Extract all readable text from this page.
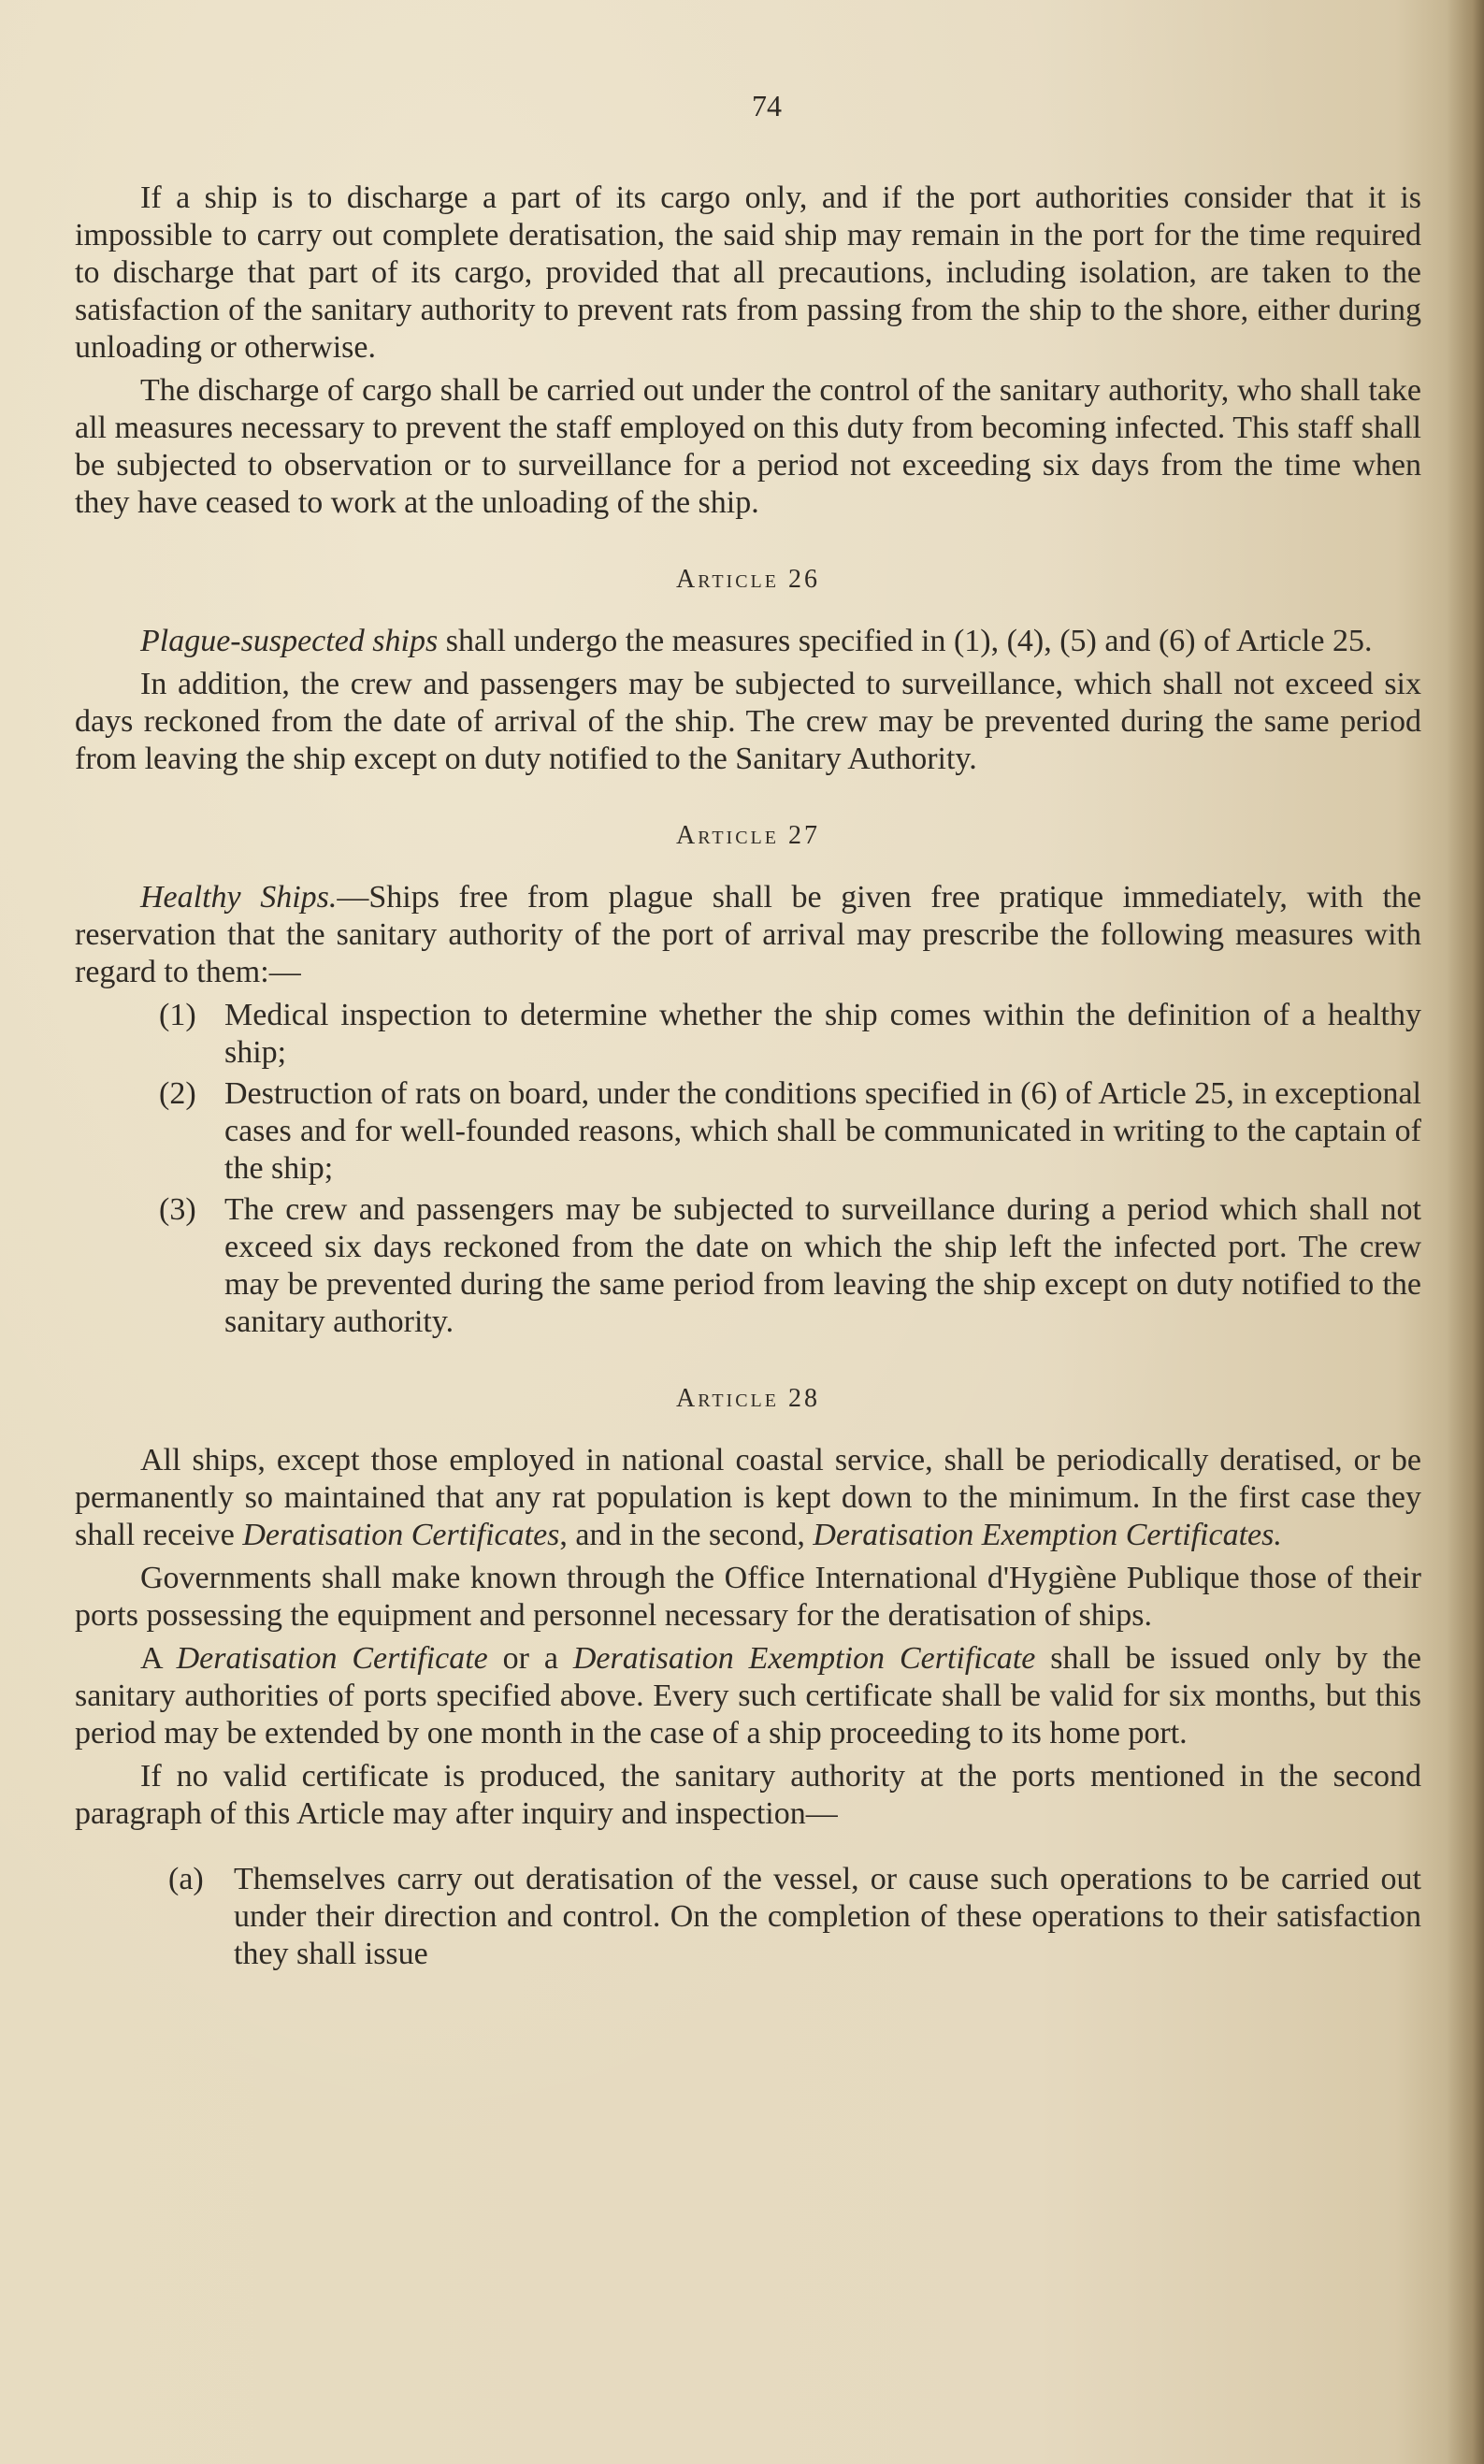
74

If a ship is to discharge a part of its cargo only, and if the port authorities consider that it is impossible to carry out complete deratisation, the said ship may remain in the port for the time required to discharge that part of its cargo, provided that all precautions, including isolation, are taken to the satisfaction of the sanitary authority to prevent rats from passing from the ship to the shore, either during unloading or otherwise.

The discharge of cargo shall be carried out under the control of the sanitary authority, who shall take all measures necessary to prevent the staff employed on this duty from becoming infected. This staff shall be subjected to observation or to surveillance for a period not exceeding six days from the time when they have ceased to work at the unloading of the ship.

Article 26

Plague-suspected ships shall undergo the measures specified in (1), (4), (5) and (6) of Article 25.

In addition, the crew and passengers may be subjected to surveillance, which shall not exceed six days reckoned from the date of arrival of the ship. The crew may be prevented during the same period from leaving the ship except on duty notified to the Sanitary Authority.

Article 27

Healthy Ships.—Ships free from plague shall be given free pratique immediately, with the reservation that the sanitary authority of the port of arrival may prescribe the following measures with regard to them:—

(1) Medical inspection to determine whether the ship comes within the definition of a healthy ship;
(2) Destruction of rats on board, under the conditions specified in (6) of Article 25, in exceptional cases and for well-founded reasons, which shall be communicated in writing to the captain of the ship;
(3) The crew and passengers may be subjected to surveillance during a period which shall not exceed six days reckoned from the date on which the ship left the infected port. The crew may be prevented during the same period from leaving the ship except on duty notified to the sanitary authority.
Article 28

All ships, except those employed in national coastal service, shall be periodically deratised, or be permanently so maintained that any rat population is kept down to the minimum. In the first case they shall receive Deratisation Certificates, and in the second, Deratisation Exemption Certificates.

Governments shall make known through the Office International d'Hygiène Publique those of their ports possessing the equipment and personnel necessary for the deratisation of ships.

A Deratisation Certificate or a Deratisation Exemption Certificate shall be issued only by the sanitary authorities of ports specified above. Every such certificate shall be valid for six months, but this period may be extended by one month in the case of a ship proceeding to its home port.

If no valid certificate is produced, the sanitary authority at the ports mentioned in the second paragraph of this Article may after inquiry and inspection—

(a) Themselves carry out deratisation of the vessel, or cause such operations to be carried out under their direction and control. On the completion of these operations to their satisfaction they shall issue
